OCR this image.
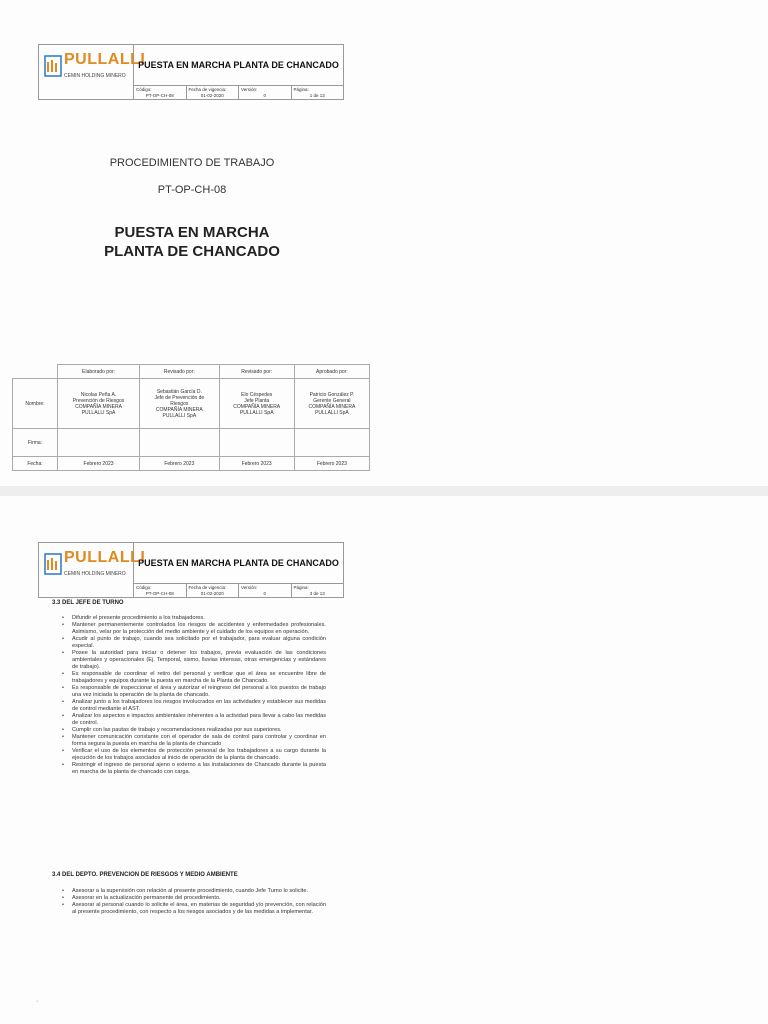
PULLALLI
CEMIN HOLDING MINERO
PUESTA EN MARCHA PLANTA DE CHANCADO
Código:
PT-OP-CH-08
Fecha de vigencia:
01-02-2020
Versión:
0
Página:
1 de 13
PROCEDIMIENTO DE TRABAJO
PT-OP-CH-08
PUESTA EN MARCHA
PLANTA DE CHANCADO
	Elaborado por:	Revisado por:	Revisado por:	Aprobado por:
Nombre:	Nicolas Peña A.
Prevención de Riesgos
COMPAÑÍA MINERA
PULLALLI SpA	Sebastián García D.
Jefe de Prevención de
Riesgos
COMPAÑÍA MINERA
PULLALLI SpA	Elo Céspedes
Jefe Planta
COMPAÑÍA MINERA
PULLALLI SpA	Patricio González P.
Gerente General
COMPAÑÍA MINERA
PULLALLI SpA
Firma:				
Fecha:	Febrero 2023	Febrero 2023	Febrero 2023	Febrero 2023
PULLALLI
CEMIN HOLDING MINERO
PUESTA EN MARCHA PLANTA DE CHANCADO
Código:
PT-OP-CH-08
Fecha de vigencia:
01-02-2020
Versión:
0
Página:
3 de 13
3.3 DEL JEFE DE TURNO
• Difundir el presente procedimiento a los trabajadores.
• Mantener permanentemente controlados los riesgos de accidentes y enfermedades profesionales. Asimismo, velar por la protección del medio ambiente y el cuidado de los equipos en operación.
• Acudir al punto de trabajo, cuando sea solicitado por el trabajador, para evaluar alguna condición especial.
• Posee la autoridad para iniciar o detener los trabajos, previa evaluación de las condiciones ambientales y operacionales (Ej. Temporal, sismo, lluvias intensas, otras emergencias y estándares de trabajo).
• Es responsable de coordinar el retiro del personal y verificar que el área se encuentre libre de trabajadores y equipos durante la puesta en marcha de la Planta de Chancado.
• Es responsable de inspeccionar el área y autorizar el reingreso del personal a los puestos de trabajo una vez iniciada la operación de la planta de chancado.
• Analizar junto a los trabajadores los riesgos involucrados en las actividades y establecer sus medidas de control mediante el AST.
• Analizar los aspectos e impactos ambientales inherentes a la actividad para llevar a cabo las medidas de control.
• Cumplir con las pautas de trabajo y recomendaciones realizadas por sus superiores.
• Mantener comunicación constante con el operador de sala de control para controlar y coordinar en forma segura la puesta en marcha de la planta de chancado
• Verificar el uso de los elementos de protección personal de los trabajadores a su cargo durante la ejecución de los trabajos asociados al inicio de operación de la planta de chancado.
• Restringir el ingreso de personal ajeno o externo a las instalaciones de Chancado durante la puesta en marcha de la planta de chancado con carga.
3.4 DEL DEPTO. PREVENCION DE RIESGOS Y MEDIO AMBIENTE
• Asesorar a la supervisión con relación al presente procedimiento, cuando Jefe Turno lo solicite.
• Asesorar en la actualización permanente del procedimiento.
• Asesorar al personal cuando lo solicite el área, en materias de seguridad y/o prevención, con relación al presente procedimiento, con respecto a los riesgos asociados y de las medidas a implementar.
·
